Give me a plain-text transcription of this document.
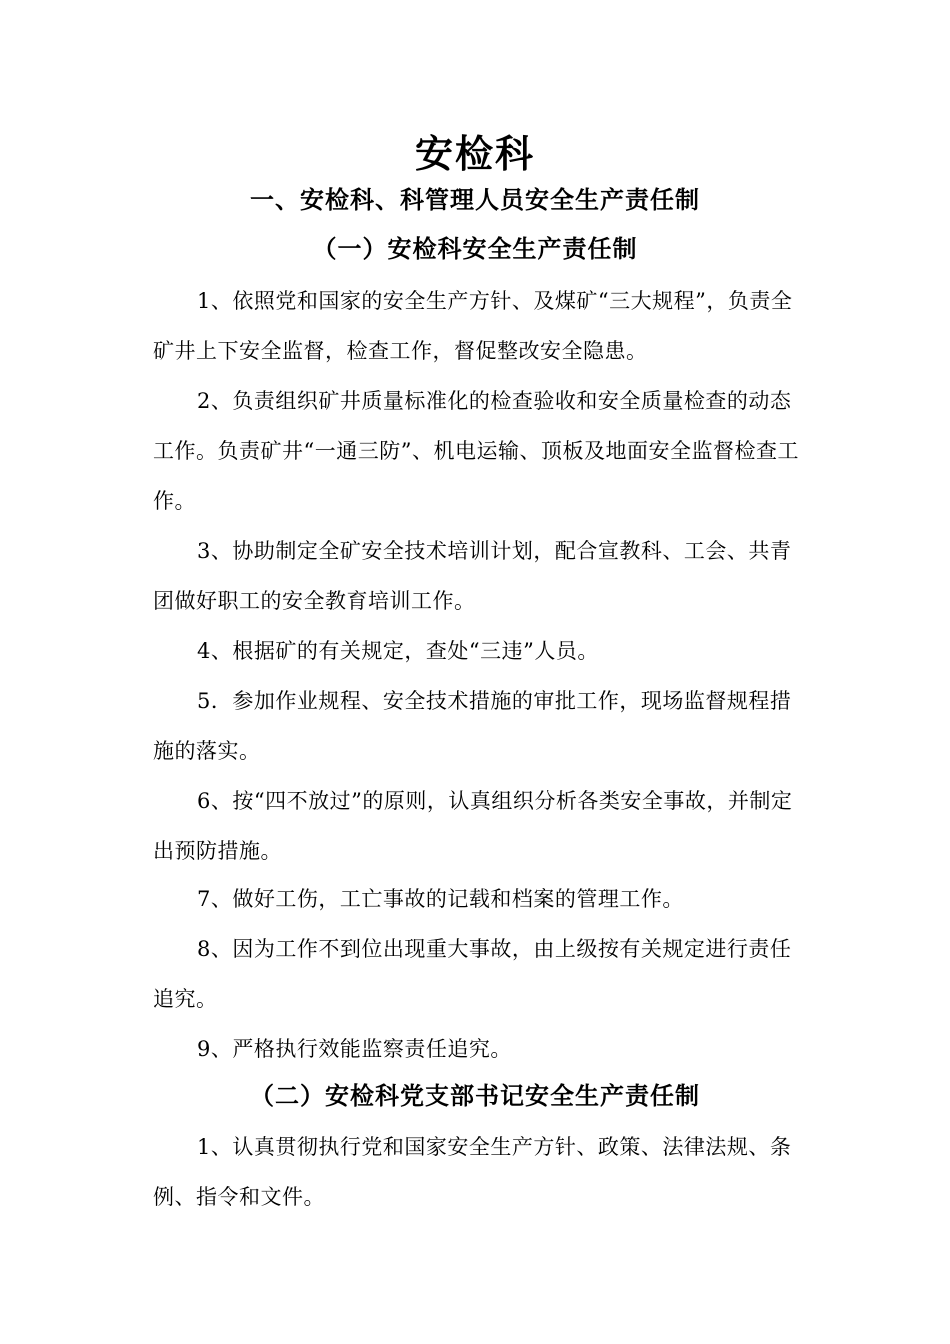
安检科
一、安检科、科管理人员安全生产责任制
（一）安检科安全生产责任制
1、依照党和国家的安全生产方针、及煤矿“三大规程”，负责全矿井上下安全监督，检查工作，督促整改安全隐患。
2、负责组织矿井质量标准化的检查验收和安全质量检查的动态工作。负责矿井“一通三防”、机电运输、顶板及地面安全监督检查工作。
3、协助制定全矿安全技术培训计划，配合宣教科、工会、共青团做好职工的安全教育培训工作。
4、根据矿的有关规定，查处“三违”人员。
5．参加作业规程、安全技术措施的审批工作，现场监督规程措施的落实。
6、按“四不放过”的原则，认真组织分析各类安全事故，并制定出预防措施。
7、做好工伤，工亡事故的记载和档案的管理工作。
8、因为工作不到位出现重大事故，由上级按有关规定进行责任追究。
9、严格执行效能监察责任追究。
（二）安检科党支部书记安全生产责任制
1、认真贯彻执行党和国家安全生产方针、政策、法律法规、条例、指令和文件。
